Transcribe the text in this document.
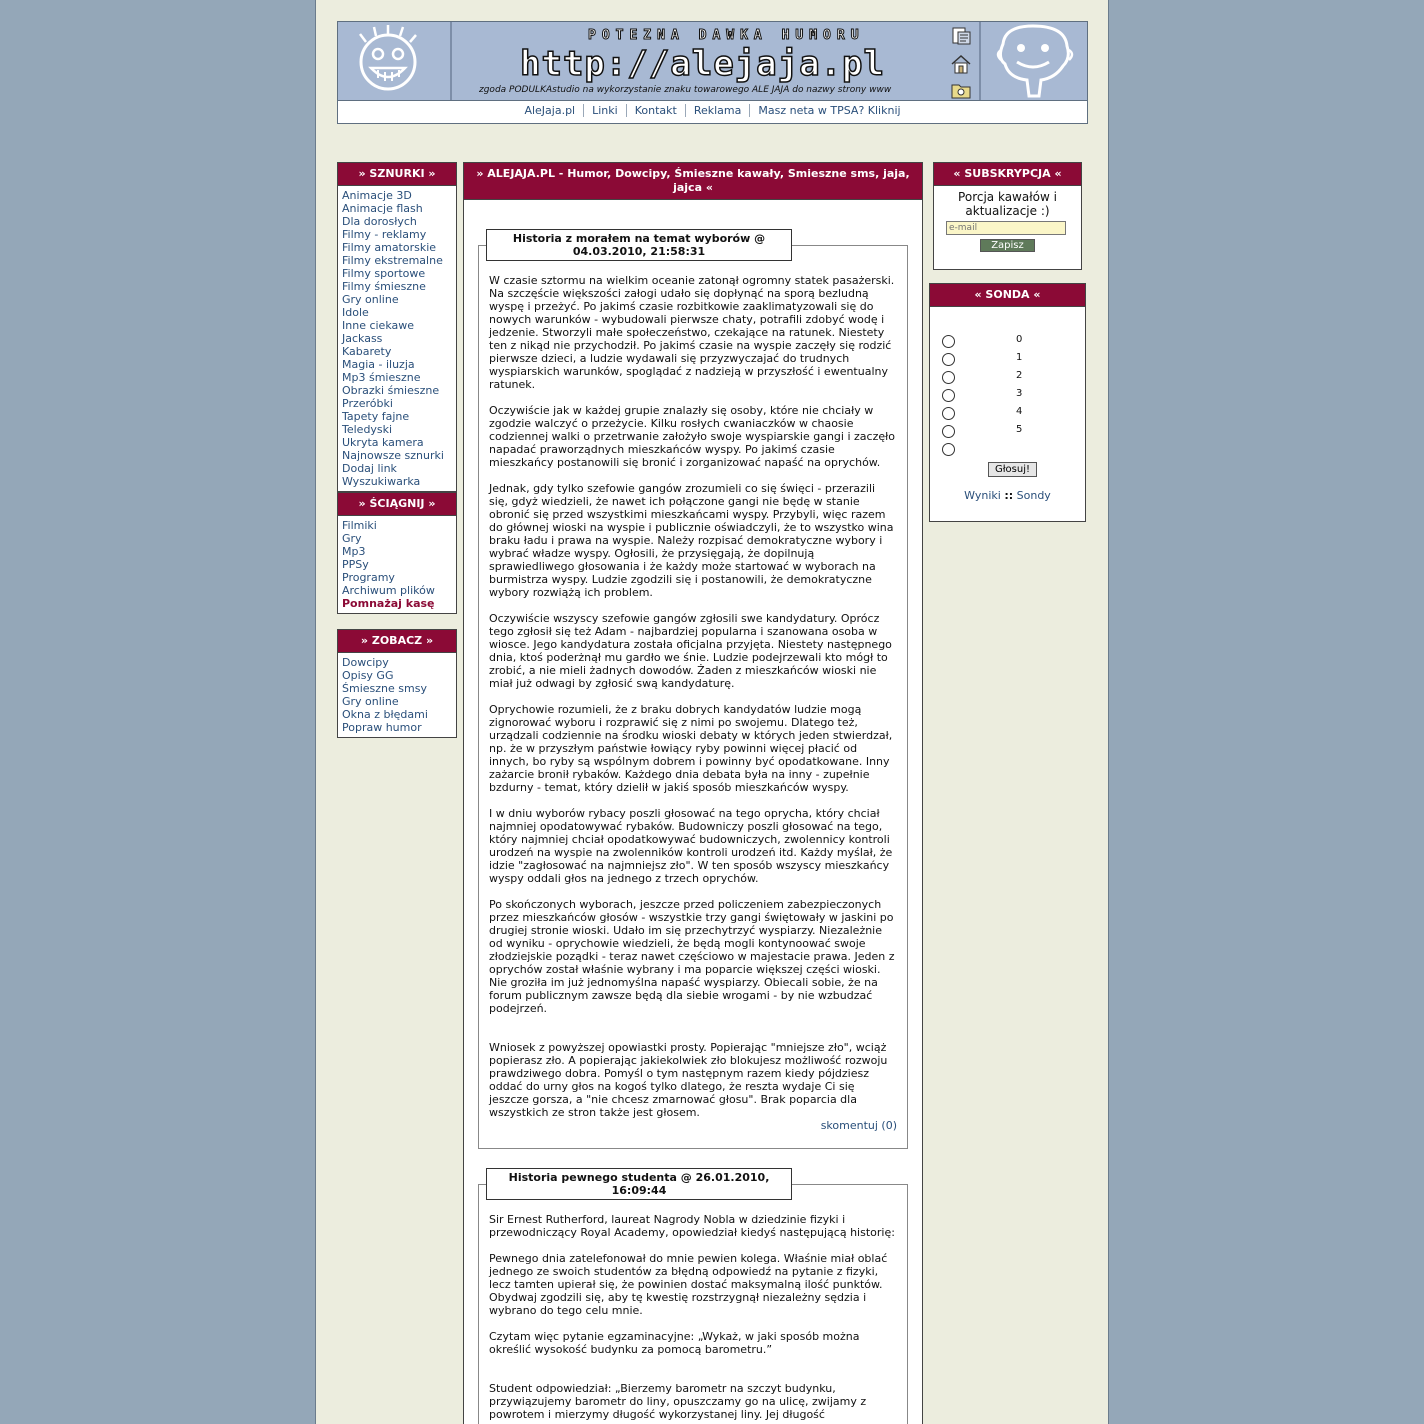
POTEZNA DAWKA HUMORU
http://alejaja.pl
zgoda PODULKAstudio na wykorzystanie znaku towarowego ALE JAJA do nazwy strony www
AleJaja.pl Linki Kontakt Reklama Masz neta w TPSA? Kliknij
» SZNURKI »
Animacje 3D
Animacje flash
Dla dorosłych
Filmy - reklamy
Filmy amatorskie
Filmy ekstremalne
Filmy sportowe
Filmy śmieszne
Gry online
Idole
Inne ciekawe
Jackass
Kabarety
Magia - iluzja
Mp3 śmieszne
Obrazki śmieszne
Przeróbki
Tapety fajne
Teledyski
Ukryta kamera
Najnowsze sznurki
Dodaj link
Wyszukiwarka
» ŚCIĄGNIJ »
Filmiki
Gry
Mp3
PPSy
Programy
Archiwum plików
Pomnażaj kasę
» ZOBACZ »
Dowcipy
Opisy GG
Śmieszne smsy
Gry online
Okna z błędami
Popraw humor
» ALEJAJA.PL - Humor, Dowcipy, Śmieszne kawały, Smieszne sms, jaja, jajca «

W czasie sztormu na wielkim oceanie zatonął ogromny statek pasażerski. Na szczęście większości załogi udało się dopłynąć na sporą bezludną wyspę i przeżyć. Po jakimś czasie rozbitkowie zaaklimatyzowali się do nowych warunków - wybudowali pierwsze chaty, potrafili zdobyć wodę i jedzenie. Stworzyli małe społeczeństwo, czekające na ratunek. Niestety ten z nikąd nie przychodził. Po jakimś czasie na wyspie zaczęły się rodzić pierwsze dzieci, a ludzie wydawali się przyzwyczajać do trudnych wyspiarskich warunków, spoglądać z nadzieją w przyszłość i ewentualny ratunek.

Oczywiście jak w każdej grupie znalazły się osoby, które nie chciały w zgodzie walczyć o przeżycie. Kilku rosłych cwaniaczków w chaosie codziennej walki o przetrwanie założyło swoje wyspiarskie gangi i zaczęło napadać praworządnych mieszkańców wyspy. Po jakimś czasie mieszkańcy postanowili się bronić i zorganizować napaść na oprychów.

Jednak, gdy tylko szefowie gangów zrozumieli co się święci - przerazili się, gdyż wiedzieli, że nawet ich połączone gangi nie będę w stanie obronić się przed wszystkimi mieszkańcami wyspy. Przybyli, więc razem do głównej wioski na wyspie i publicznie oświadczyli, że to wszystko wina braku ładu i prawa na wyspie. Należy rozpisać demokratyczne wybory i wybrać władze wyspy. Ogłosili, że przysięgają, że dopilnują sprawiedliwego głosowania i że każdy może startować w wyborach na burmistrza wyspy. Ludzie zgodzili się i postanowili, że demokratyczne wybory rozwiążą ich problem.

Oczywiście wszyscy szefowie gangów zgłosili swe kandydatury. Oprócz tego zgłosił się też Adam - najbardziej popularna i szanowana osoba w wiosce. Jego kandydatura została oficjalna przyjęta. Niestety następnego dnia, ktoś poderżnął mu gardło we śnie. Ludzie podejrzewali kto mógł to zrobić, a nie mieli żadnych dowodów. Żaden z mieszkańców wioski nie miał już odwagi by zgłosić swą kandydaturę.

Oprychowie rozumieli, że z braku dobrych kandydatów ludzie mogą zignorować wyboru i rozprawić się z nimi po swojemu. Dlatego też, urządzali codziennie na środku wioski debaty w których jeden stwierdzał, np. że w przyszłym państwie łowiący ryby powinni więcej płacić od innych, bo ryby są wspólnym dobrem i powinny być opodatkowane. Inny zażarcie bronił rybaków. Każdego dnia debata była na inny - zupełnie bzdurny - temat, który dzielił w jakiś sposób mieszkańców wyspy.

I w dniu wyborów rybacy poszli głosować na tego oprycha, który chciał najmniej opodatowywać rybaków. Budowniczy poszli głosować na tego, który najmniej chciał opodatkowywać budowniczych, zwolennicy kontroli urodzeń na wyspie na zwolenników kontroli urodzeń itd. Każdy myślał, że idzie "zagłosować na najmniejsz zło". W ten sposób wszyscy mieszkańcy wyspy oddali głos na jednego z trzech oprychów.

Po skończonych wyborach, jeszcze przed policzeniem zabezpieczonych przez mieszkańców głosów - wszystkie trzy gangi świętowały w jaskini po drugiej stronie wioski. Udało im się przechytrzyć wyspiarzy. Niezależnie od wyniku - oprychowie wiedzieli, że będą mogli kontynoować swoje złodziejskie poządki - teraz nawet częściowo w majestacie prawa. Jeden z oprychów został właśnie wybrany i ma poparcie większej części wioski. Nie groziła im już jednomyślna napaść wyspiarzy. Obiecali sobie, że na forum publicznym zawsze będą dla siebie wrogami - by nie wzbudzać podejrzeń.

Wniosek z powyższej opowiastki prosty. Popierając "mniejsze zło", wciąż popierasz zło. A popierając jakiekolwiek zło blokujesz możliwość rozwoju prawdziwego dobra. Pomyśl o tym następnym razem kiedy pójdziesz oddać do urny głos na kogoś tylko dlatego, że reszta wydaje Ci się jeszcze gorsza, a "nie chcesz zmarnować głosu". Brak poparcia dla wszystkich ze stron także jest głosem.

skomentuj (0)
Historia z morałem na temat wyborów @ 04.03.2010, 21:58:31

Sir Ernest Rutherford, laureat Nagrody Nobla w dziedzinie fizyki i przewodniczący Royal Academy, opowiedział kiedyś następującą historię:

Pewnego dnia zatelefonował do mnie pewien kolega. Właśnie miał oblać jednego ze swoich studentów za błędną odpowiedź na pytanie z fizyki, lecz tamten upierał się, że powinien dostać maksymalną ilość punktów. Obydwaj zgodzili się, aby tę kwestię rozstrzygnął niezależny sędzia i wybrano do tego celu mnie.

Czytam więc pytanie egzaminacyjne: „Wykaż, w jaki sposób można określić wysokość budynku za pomocą barometru.”

Student odpowiedział: „Bierzemy barometr na szczyt budynku, przywiązujemy barometr do liny, opuszczamy go na ulicę, zwijamy z powrotem i mierzymy długość wykorzystanej liny. Jej długość

Historia pewnego studenta @ 26.01.2010, 16:09:44
« SUBSKRYPCJA «
Porcja kawałów i aktualizacje :)
e-mail
Zapisz
« SONDA «
0
1
2
3
4
5
Głosuj!
Wyniki :: Sondy
